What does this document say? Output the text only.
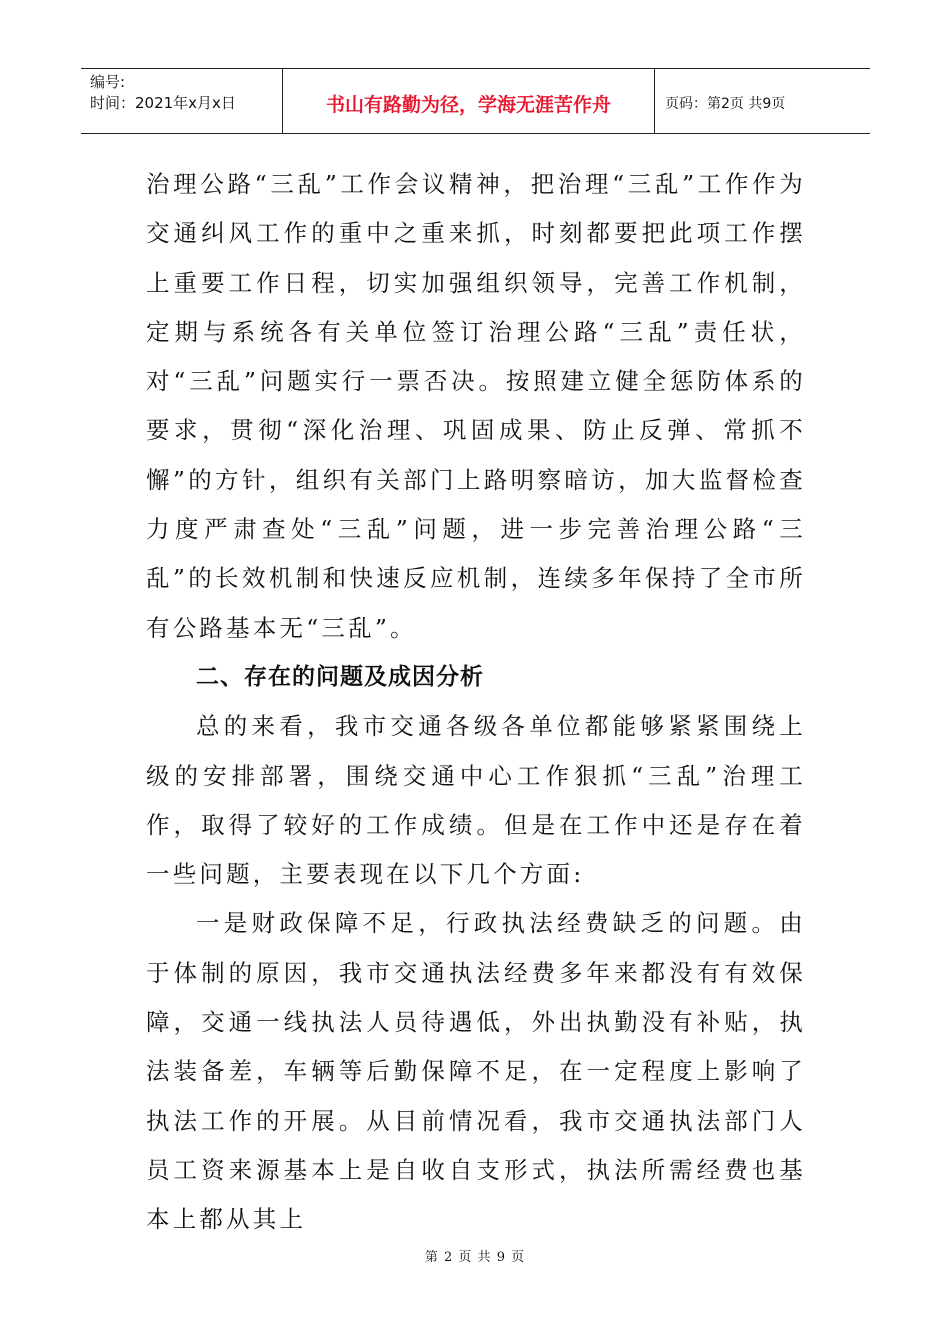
编号:
时间：2021年x月x日	书山有路勤为径，学海无涯苦作舟	页码：第2页 共9页

治理公路“三乱”工作会议精神，把治理“三乱”工作作为交通纠风工作的重中之重来抓，时刻都要把此项工作摆上重要工作日程，切实加强组织领导，完善工作机制，定期与系统各有关单位签订治理公路“三乱”责任状，对“三乱”问题实行一票否决。按照建立健全惩防体系的要求，贯彻“深化治理、巩固成果、防止反弹、常抓不懈”的方针，组织有关部门上路明察暗访，加大监督检查力度严肃查处“三乱”问题，进一步完善治理公路“三乱”的长效机制和快速反应机制，连续多年保持了全市所有公路基本无“三乱”。

二、存在的问题及成因分析

总的来看，我市交通各级各单位都能够紧紧围绕上级的安排部署，围绕交通中心工作狠抓“三乱”治理工作，取得了较好的工作成绩。但是在工作中还是存在着一些问题，主要表现在以下几个方面:

一是财政保障不足，行政执法经费缺乏的问题。由于体制的原因，我市交通执法经费多年来都没有有效保障，交通一线执法人员待遇低，外出执勤没有补贴，执法装备差，车辆等后勤保障不足，在一定程度上影响了执法工作的开展。从目前情况看，我市交通执法部门人员工资来源基本上是自收自支形式，执法所需经费也基本上都从其上

第 2 页 共 9 页
